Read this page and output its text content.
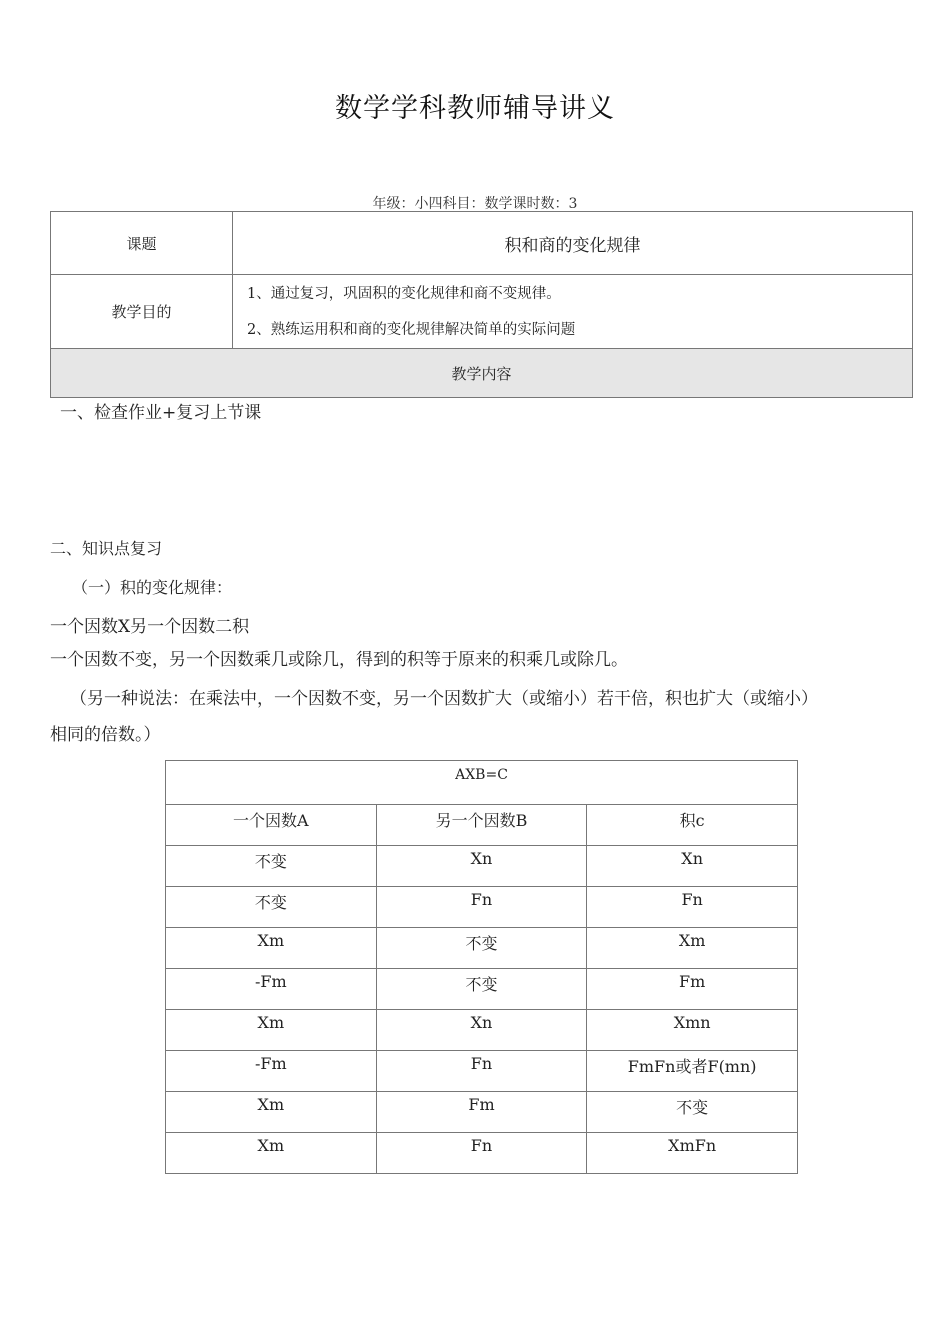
数学学科教师辅导讲义
年级：小四科目：数学课时数：3
课题	积和商的变化规律
教学目的	1、通过复习，巩固积的变化规律和商不变规律。
2、熟练运用积和商的变化规律解决简单的实际问题

教学内容	
一、检查作业+复习上节课
二、知识点复习
（一）积的变化规律：
一个因数X另一个因数二积
一个因数不变，另一个因数乘几或除几，得到的积等于原来的积乘几或除几。
（另一种说法：在乘法中，一个因数不变，另一个因数扩大（或缩小）若干倍，积也扩大（或缩小）
相同的倍数。）
AXB=C		
一个因数A	另一个因数B	积c
不变	Xn	Xn
不变	Fn	Fn
Xm	不变	Xm
-Fm	不变	Fm
Xm	Xn	Xmn
-Fm	Fn	FmFn或者F(mn)
Xm	Fm	不变
Xm	Fn	XmFn
